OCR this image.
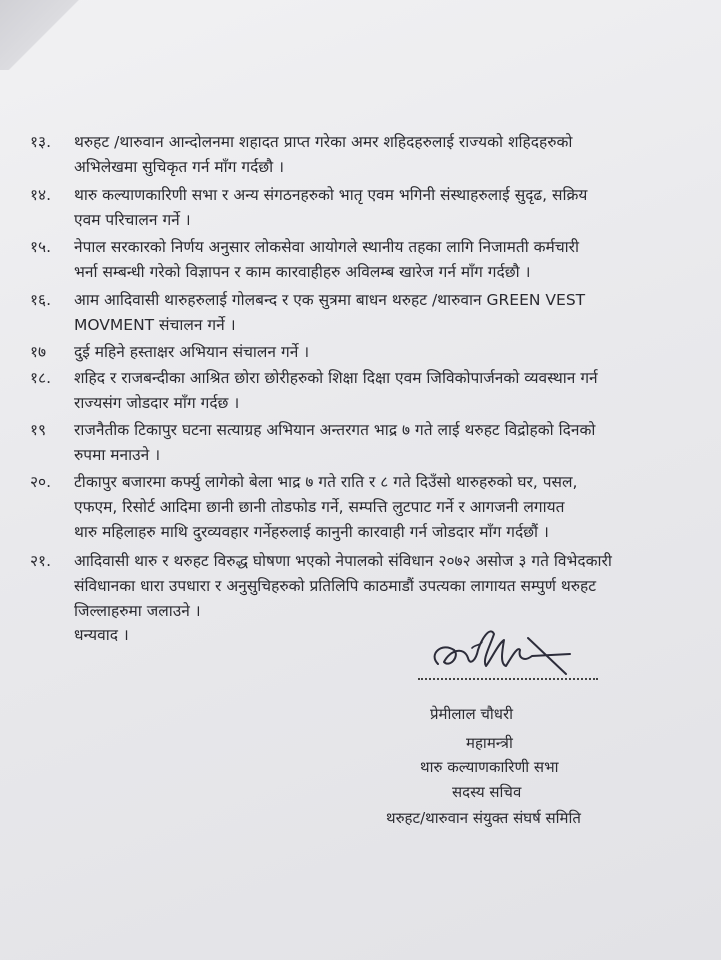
१३. थरुहट /थारुवान आन्दोलनमा शहादत प्राप्त गरेका अमर शहिदहरुलाई राज्यको शहिदहरुको
अभिलेखमा सुचिकृत गर्न माँग गर्दछौ ।
१४. थारु कल्याणकारिणी सभा र अन्य संगठनहरुको भातृ एवम भगिनी संस्थाहरुलाई सुदृढ, सक्रिय
एवम परिचालन गर्ने ।
१५. नेपाल सरकारको निर्णय अनुसार लोकसेवा आयोगले स्थानीय तहका लागि निजामती कर्मचारी
भर्ना सम्बन्धी गरेको विज्ञापन र काम कारवाहीहरु अविलम्ब खारेज गर्न माँग गर्दछौ ।
१६. आम आदिवासी थारुहरुलाई गोलबन्द र एक सुत्रमा बाधन थरुहट /थारुवान GREEN VEST
MOVMENT संचालन गर्ने ।
१७ दुई महिने हस्ताक्षर अभियान संचालन गर्ने ।
१८. शहिद र राजबन्दीका आश्रित छोरा छोरीहरुको शिक्षा दिक्षा एवम जिविकोपार्जनको व्यवस्थान गर्न
राज्यसंग जोडदार माँग गर्दछ ।
१९ राजनैतीक टिकापुर घटना सत्याग्रह अभियान अन्तरगत भाद्र ७ गते लाई थरुहट विद्रोहको दिनको
रुपमा मनाउने ।
२०. टीकापुर बजारमा कर्फ्यु लागेको बेला भाद्र ७ गते राति र ८ गते दिउँसो थारुहरुको घर, पसल,
एफएम, रिसोर्ट आदिमा छानी छानी तोडफोड गर्ने, सम्पत्ति लुटपाट गर्ने र आगजनी लगायत
थारु महिलाहरु माथि दुरव्यवहार गर्नेहरुलाई कानुनी कारवाही गर्न जोडदार माँग गर्दछौं ।
२१. आदिवासी थारु र थरुहट विरुद्ध घोषणा भएको नेपालको संविधान २०७२ असोज ३ गते विभेदकारी
संविधानका धारा उपधारा र अनुसुचिहरुको प्रतिलिपि काठमाडौं उपत्यका लागायत सम्पुर्ण थरुहट
जिल्लाहरुमा जलाउने ।
धन्यवाद ।
प्रेमीलाल चौधरी
महामन्त्री
थारु कल्याणकारिणी सभा
सदस्य सचिव
थरुहट/थारुवान संयुक्त संघर्ष समिति
